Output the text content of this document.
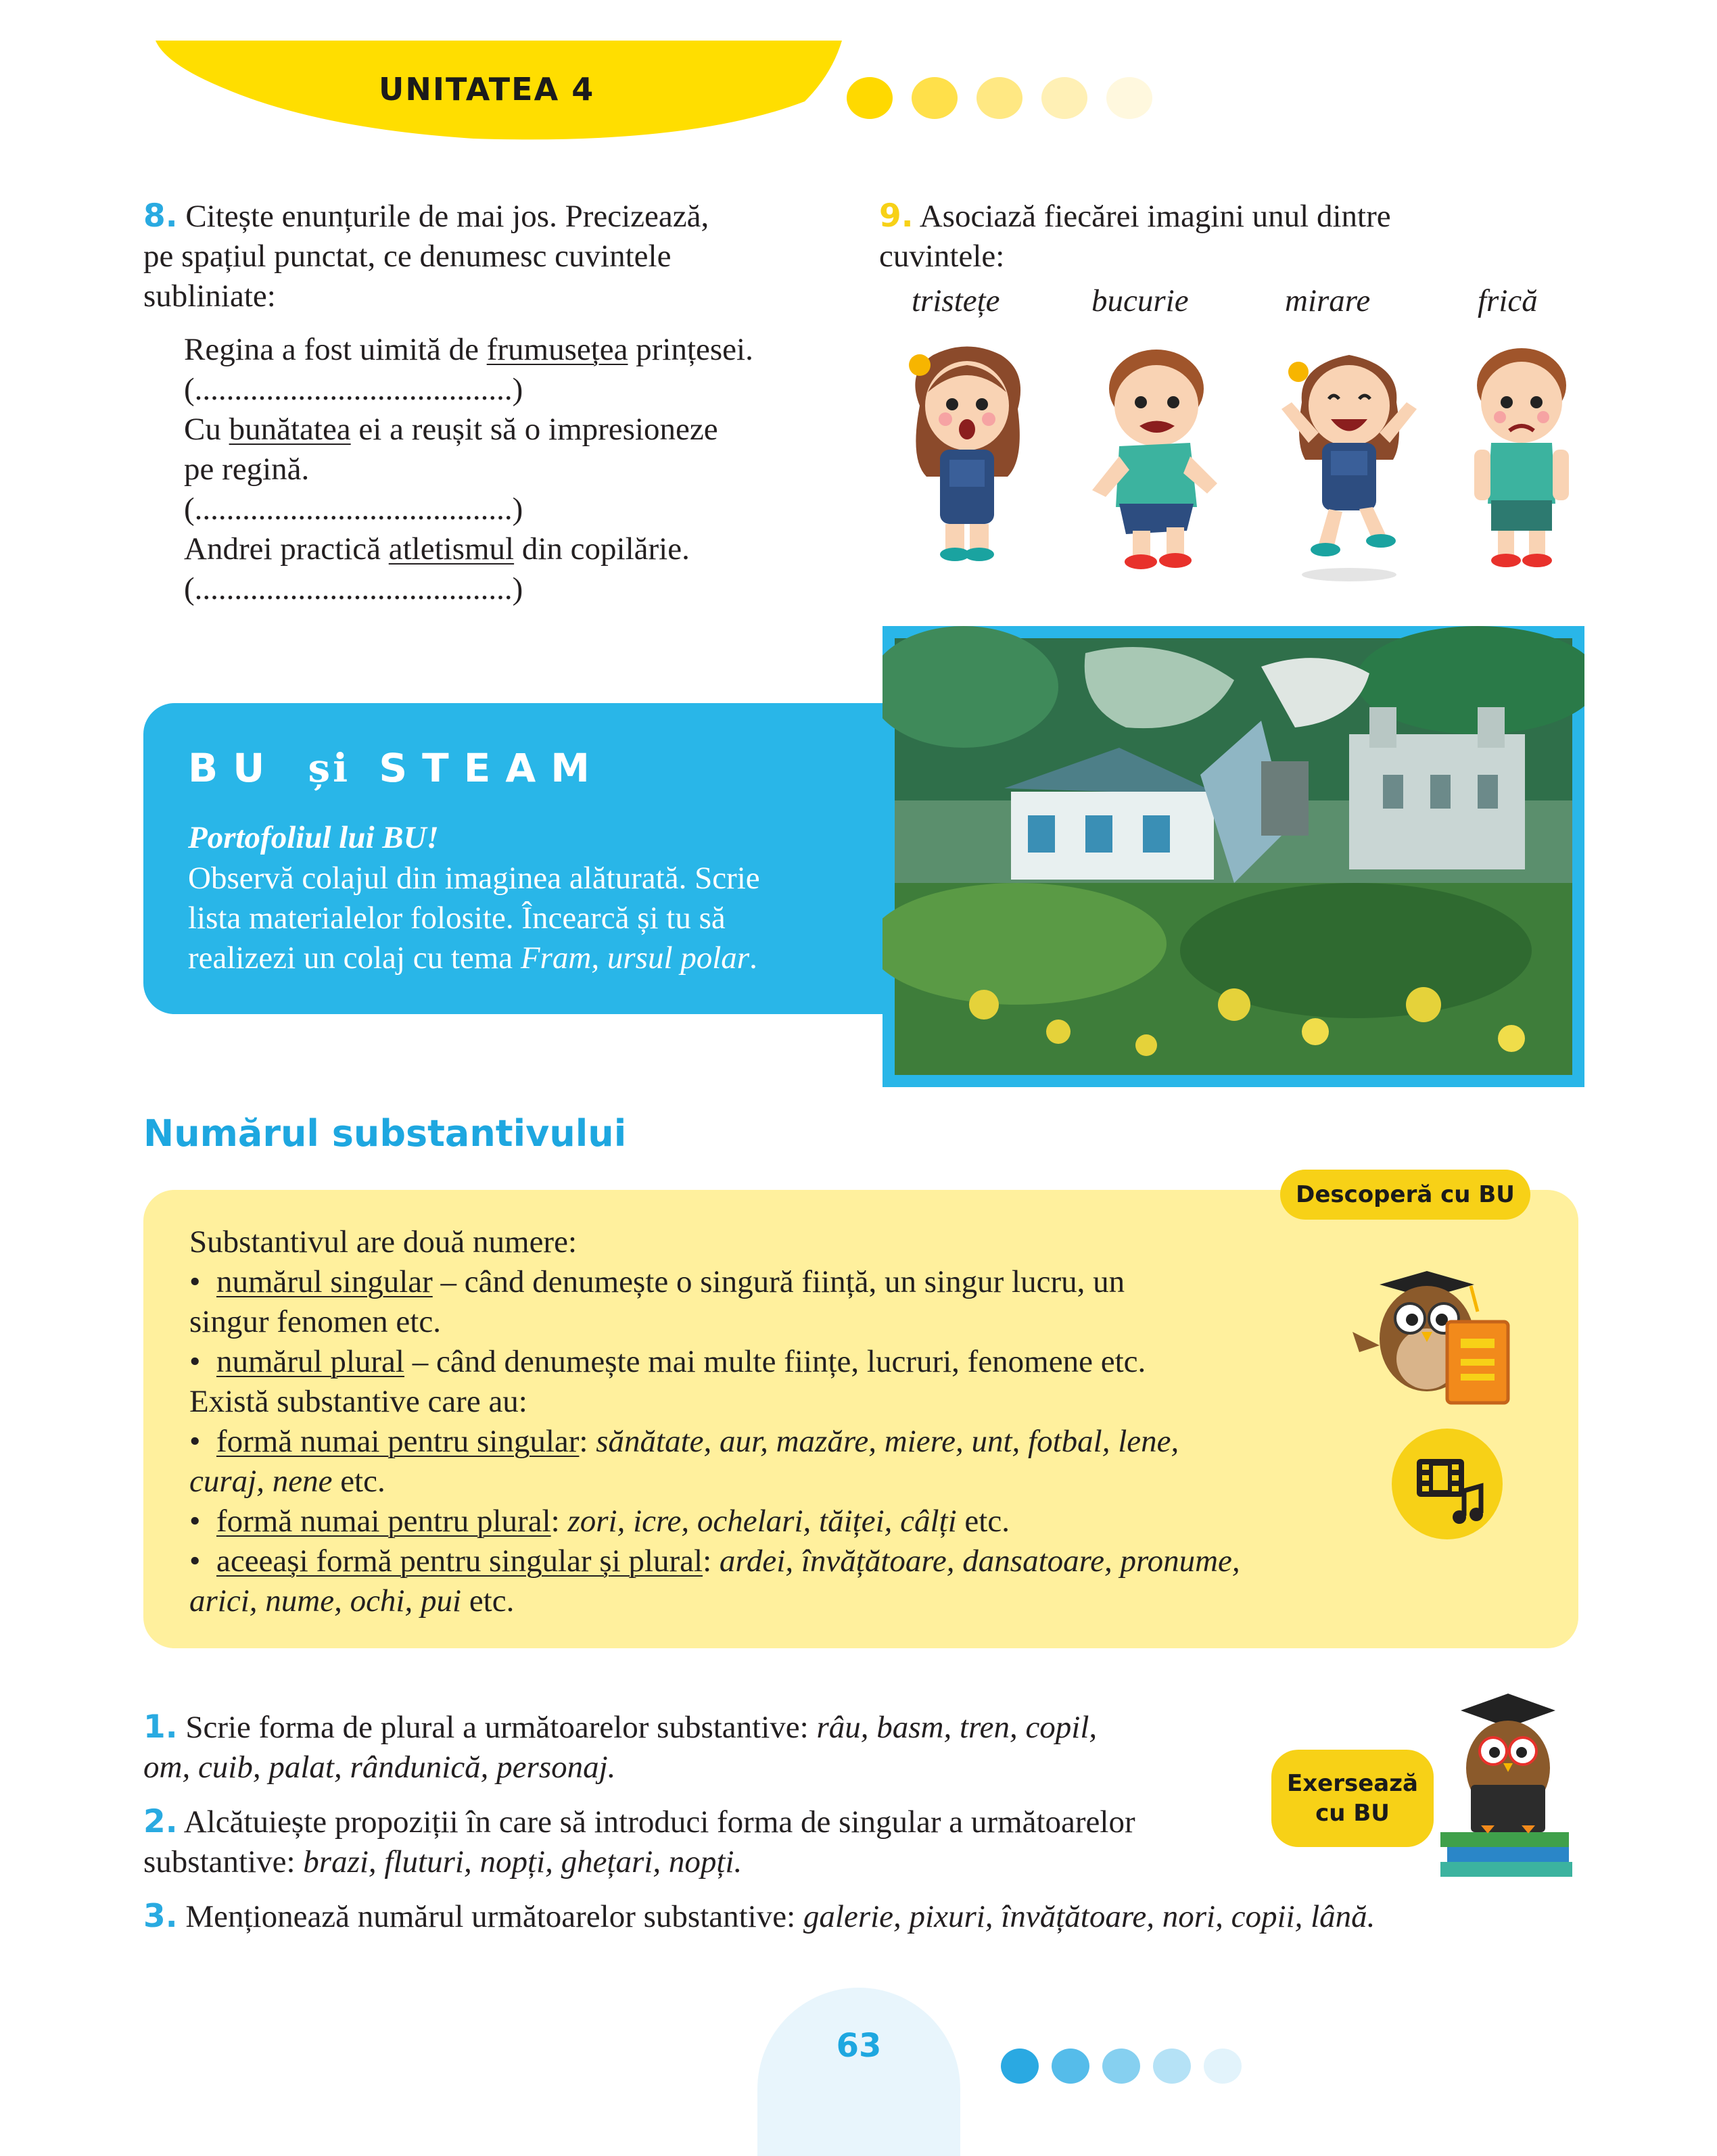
UNITATEA 4
8. Citește enunțurile de mai jos. Precizează,
pe spațiul punctat, ce denumesc cuvintele
subliniate:
Regina a fost uimită de frumusețea prințesei.
(........................................)
Cu bunătatea ei a reușit să o impresioneze
pe regină.
(........................................)
Andrei practică atletismul din copilărie.
(........................................)
9. Asociază fiecărei imagini unul dintre
cuvintele:
tristețe	bucurie	mirare	frică
BU și STEAM
Portofoliul lui BU!
Observă colajul din imaginea alăturată. Scrie
lista materialelor folosite. Încearcă și tu să
realizezi un colaj cu tema Fram, ursul polar.
Numărul substantivului
Descoperă cu BU
Substantivul are două numere:
• numărul singular – când denumește o singură ființă, un singur lucru, un
singur fenomen etc.
• numărul plural – când denumește mai multe ființe, lucruri, fenomene etc.
Există substantive care au:
• formă numai pentru singular: sănătate, aur, mazăre, miere, unt, fotbal, lene,
curaj, nene etc.
• formă numai pentru plural: zori, icre, ochelari, tăiței, câlți etc.
• aceeași formă pentru singular și plural: ardei, învățătoare, dansatoare, pronume,
arici, nume, ochi, pui etc.
1. Scrie forma de plural a următoarelor substantive: râu, basm, tren, copil,
om, cuib, palat, rândunică, personaj.
2. Alcătuiește propoziții în care să introduci forma de singular a următoarelor
substantive: brazi, fluturi, nopți, ghețari, nopți.
3. Menționează numărul următoarelor substantive: galerie, pixuri, învățătoare, nori, copii, lână.
Exersează
cu BU
63
